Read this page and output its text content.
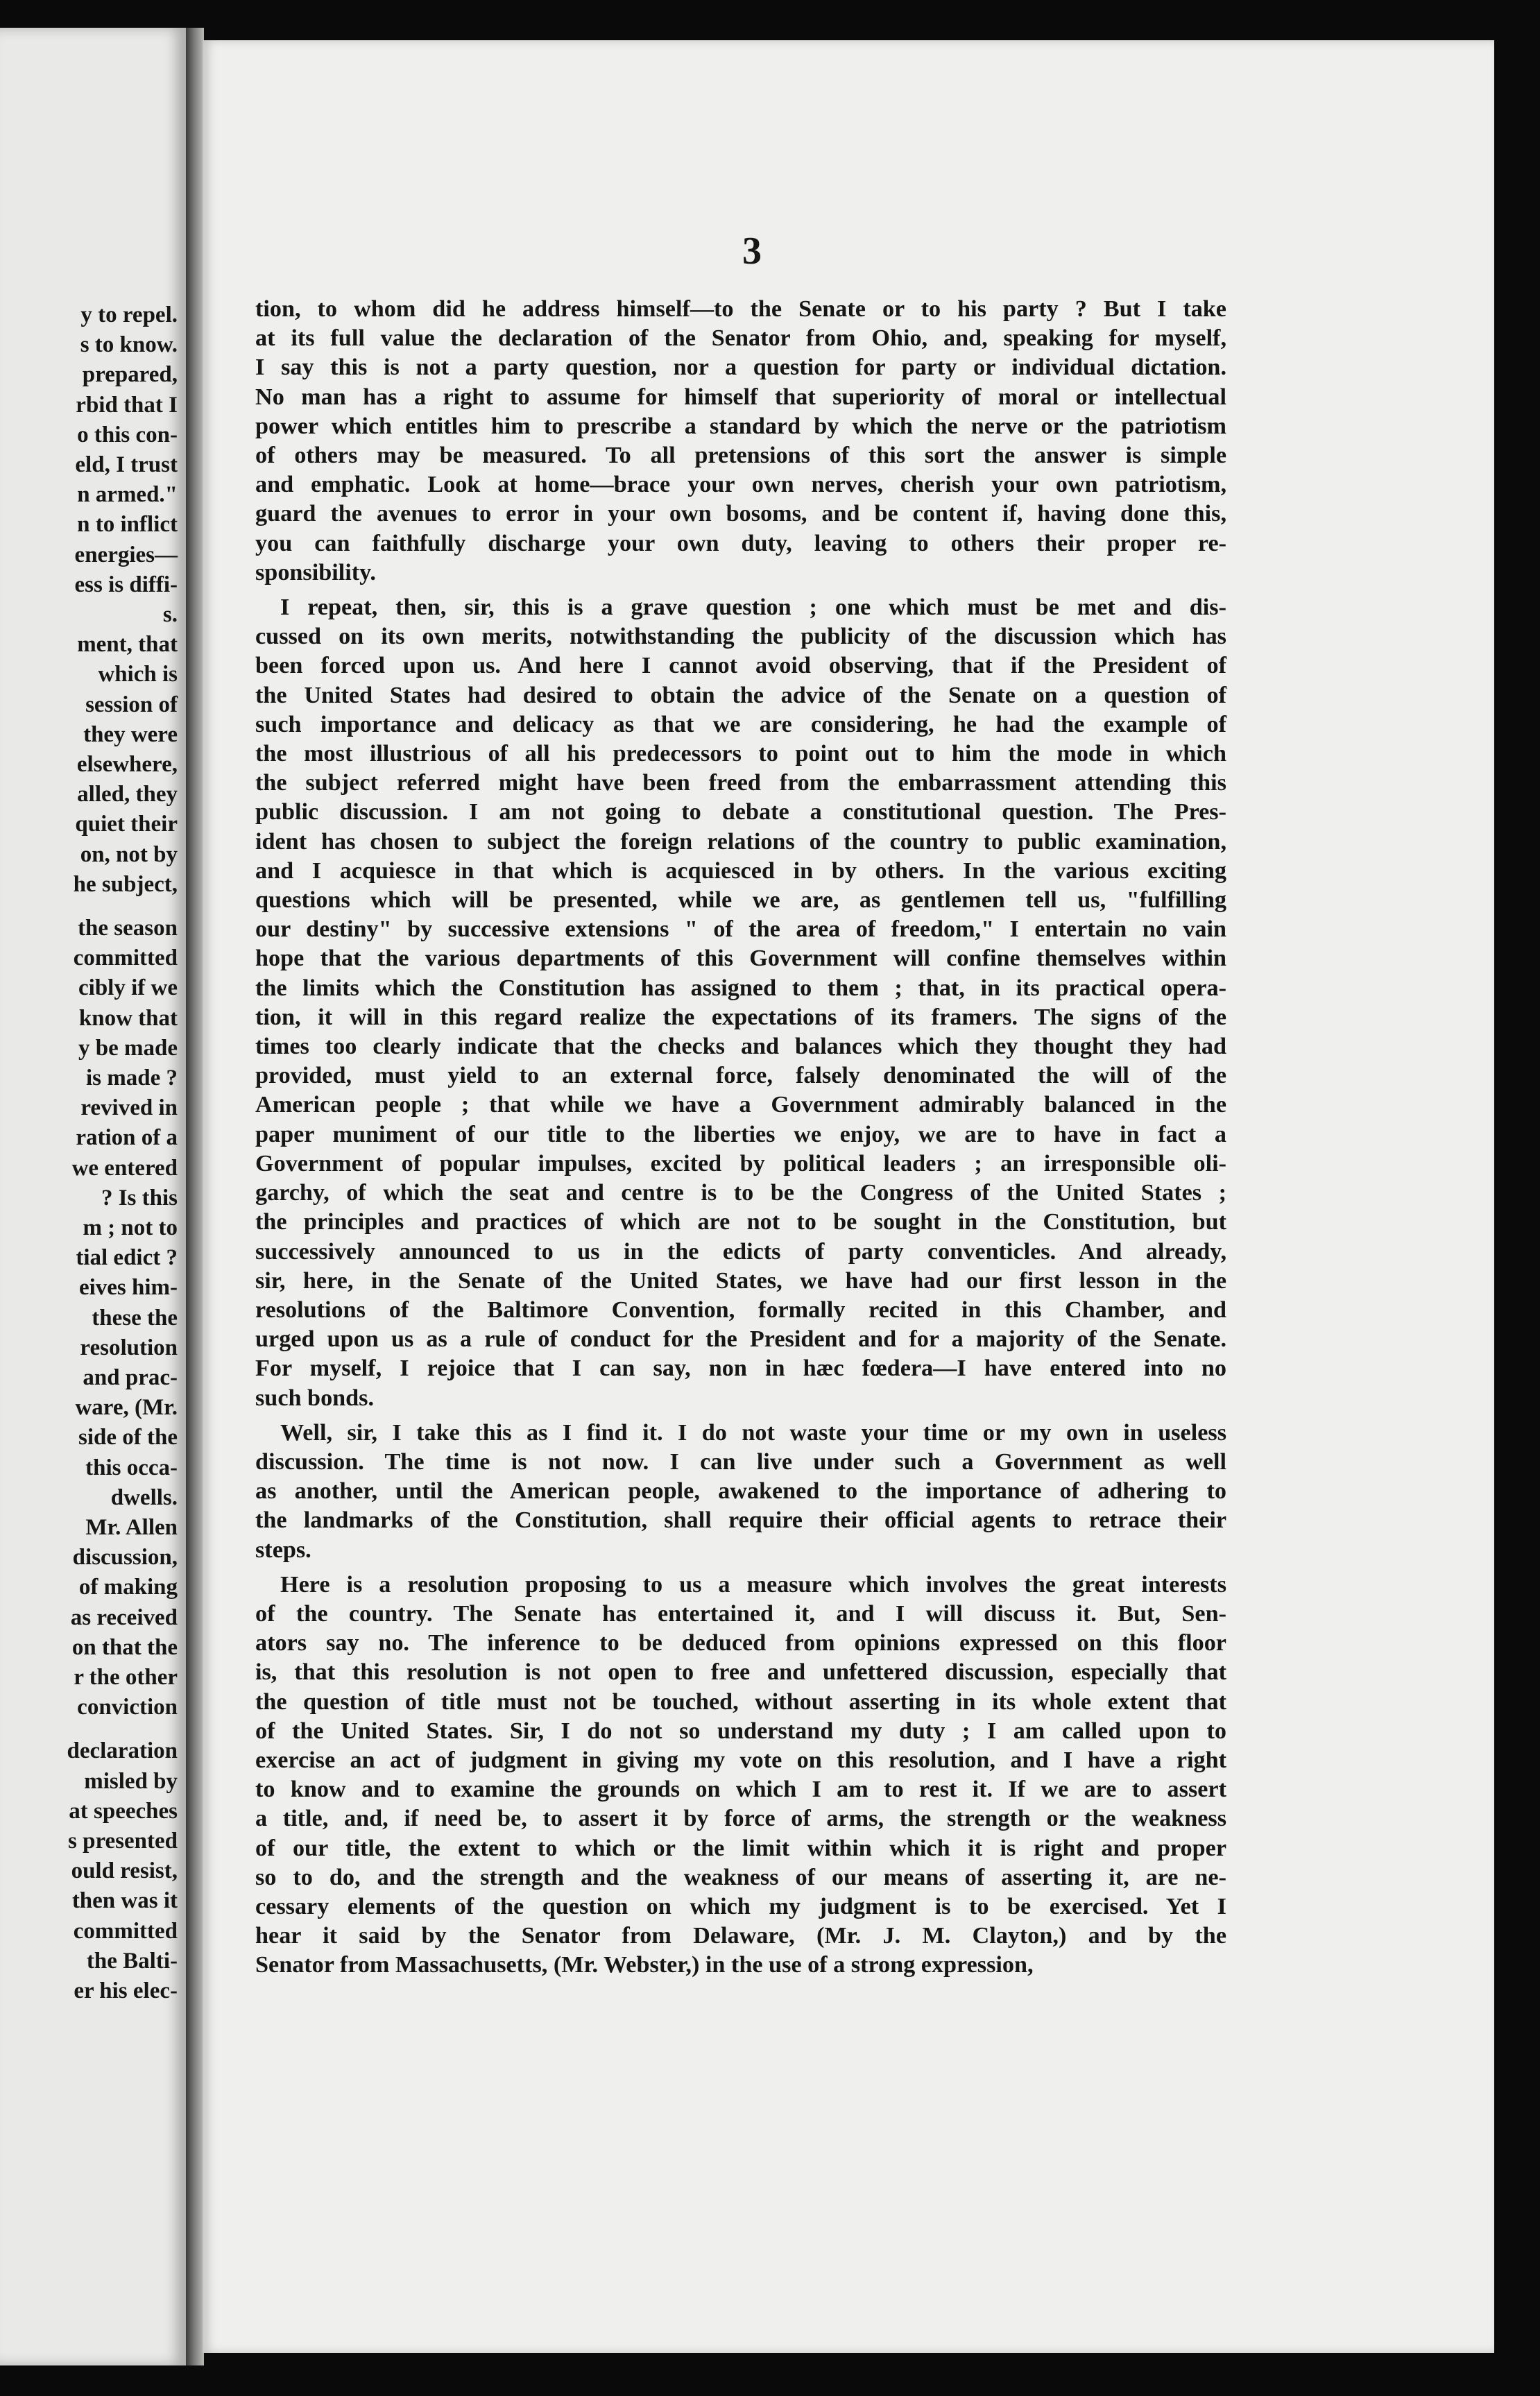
y to repel.
s to know.
prepared,
rbid that I
o this con-
eld, I trust
n armed."
n to inflict
energies—
ess is diffi-
s.
ment, that
which is
session of
they were
elsewhere,
alled, they
quiet their
on, not by
he subject,
the season
committed
cibly if we
know that
y be made
is made ?
revived in
ration of a
we entered
? Is this
m ; not to
tial edict ?
eives him-
these the
resolution
and prac-
ware, (Mr.
side of the
this occa-
dwells.
Mr. Allen
discussion,
of making
as received
on that the
r the other
conviction
declaration
misled by
at speeches
s presented
ould resist,
then was it
committed
the Balti-
er his elec-
3

tion, to whom did he address himself—to the Senate or to his party ? But I take

at its full value the declaration of the Senator from Ohio, and, speaking for myself,

I say this is not a party question, nor a question for party or individual dictation.

No man has a right to assume for himself that superiority of moral or intellectual

power which entitles him to prescribe a standard by which the nerve or the patriotism

of others may be measured. To all pretensions of this sort the answer is simple

and emphatic. Look at home—brace your own nerves, cherish your own patriotism,

guard the avenues to error in your own bosoms, and be content if, having done this,

you can faithfully discharge your own duty, leaving to others their proper re-

sponsibility.

I repeat, then, sir, this is a grave question ; one which must be met and dis-

cussed on its own merits, notwithstanding the publicity of the discussion which has

been forced upon us. And here I cannot avoid observing, that if the President of

the United States had desired to obtain the advice of the Senate on a question of

such importance and delicacy as that we are considering, he had the example of

the most illustrious of all his predecessors to point out to him the mode in which

the subject referred might have been freed from the embarrassment attending this

public discussion. I am not going to debate a constitutional question. The Pres-

ident has chosen to subject the foreign relations of the country to public examination,

and I acquiesce in that which is acquiesced in by others. In the various exciting

questions which will be presented, while we are, as gentlemen tell us, "fulfilling

our destiny" by successive extensions " of the area of freedom," I entertain no vain

hope that the various departments of this Government will confine themselves within

the limits which the Constitution has assigned to them ; that, in its practical opera-

tion, it will in this regard realize the expectations of its framers. The signs of the

times too clearly indicate that the checks and balances which they thought they had

provided, must yield to an external force, falsely denominated the will of the

American people ; that while we have a Government admirably balanced in the

paper muniment of our title to the liberties we enjoy, we are to have in fact a

Government of popular impulses, excited by political leaders ; an irresponsible oli-

garchy, of which the seat and centre is to be the Congress of the United States ;

the principles and practices of which are not to be sought in the Constitution, but

successively announced to us in the edicts of party conventicles. And already,

sir, here, in the Senate of the United States, we have had our first lesson in the

resolutions of the Baltimore Convention, formally recited in this Chamber, and

urged upon us as a rule of conduct for the President and for a majority of the Senate.

For myself, I rejoice that I can say, non in hæc fœdera—I have entered into no

such bonds.

Well, sir, I take this as I find it. I do not waste your time or my own in useless

discussion. The time is not now. I can live under such a Government as well

as another, until the American people, awakened to the importance of adhering to

the landmarks of the Constitution, shall require their official agents to retrace their

steps.

Here is a resolution proposing to us a measure which involves the great interests

of the country. The Senate has entertained it, and I will discuss it. But, Sen-

ators say no. The inference to be deduced from opinions expressed on this floor

is, that this resolution is not open to free and unfettered discussion, especially that

the question of title must not be touched, without asserting in its whole extent that

of the United States. Sir, I do not so understand my duty ; I am called upon to

exercise an act of judgment in giving my vote on this resolution, and I have a right

to know and to examine the grounds on which I am to rest it. If we are to assert

a title, and, if need be, to assert it by force of arms, the strength or the weakness

of our title, the extent to which or the limit within which it is right and proper

so to do, and the strength and the weakness of our means of asserting it, are ne-

cessary elements of the question on which my judgment is to be exercised. Yet I

hear it said by the Senator from Delaware, (Mr. J. M. Clayton,) and by the

Senator from Massachusetts, (Mr. Webster,) in the use of a strong expression,
